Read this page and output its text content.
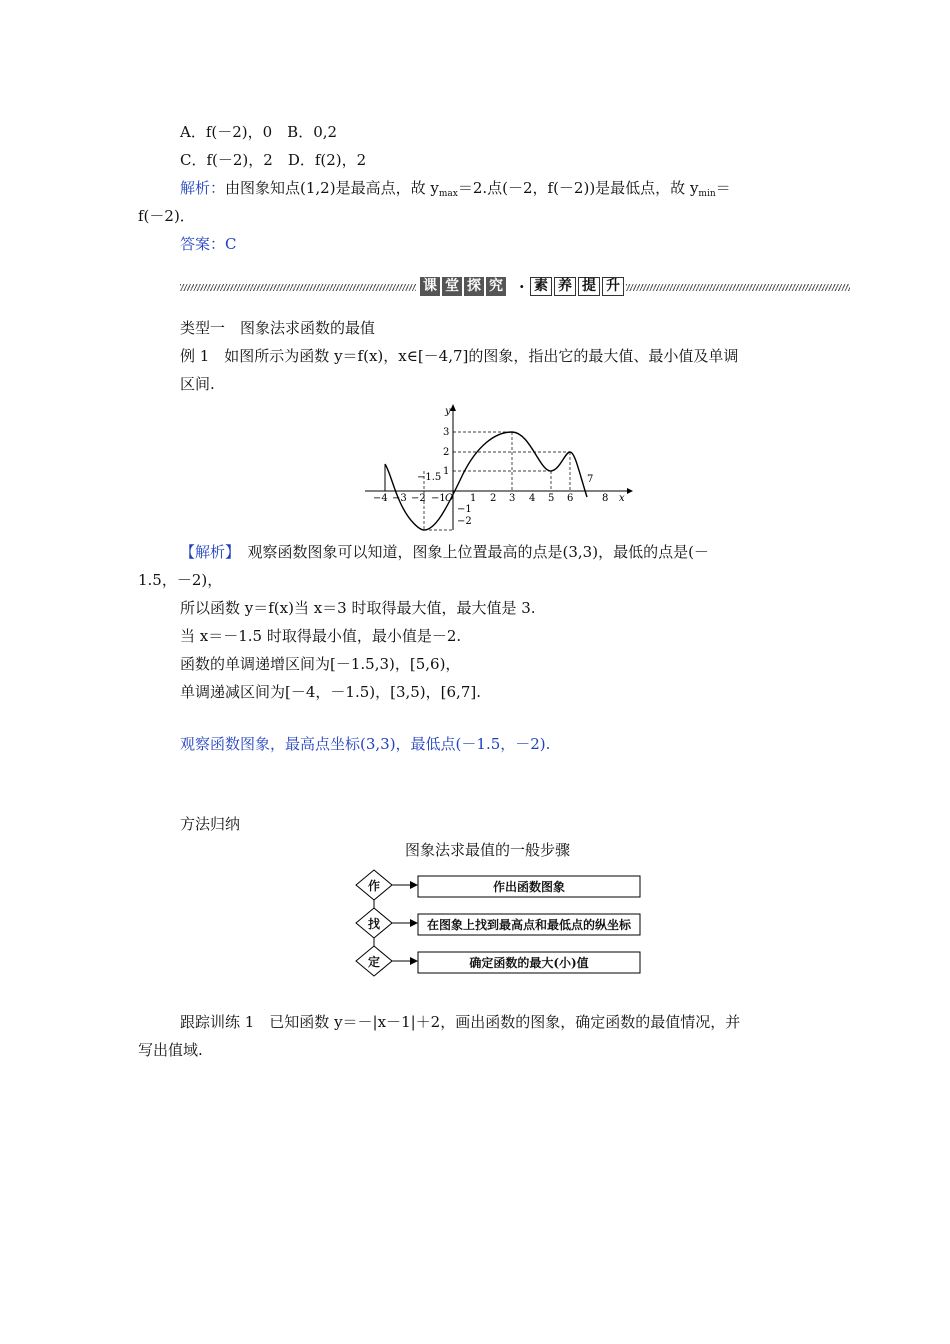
A．f(－2)，0　B．0,2
C．f(－2)，2　D．f(2)，2
解析：由图象知点(1,2)是最高点，故 $y_{max}=2$.点(－2，f(－2))是最低点，故 $y_{min}=$
f(－2)．
答案：C
课 堂 探 究 · 素 养 提 升
类型一　图象法求函数的最值
例 1　如图所示为函数 y＝f(x)，x∈[－4,7]的图象，指出它的最大值、最小值及单调
区间.
y
x
O
3
2
1
−1
−2
−4 −3 −2 −1 1 2 3 4 5 6
7
8
−1.5
【解析】　观察函数图象可以知道，图象上位置最高的点是(3,3)，最低的点是(－
1.5，－2)，
所以函数 y＝f(x)当 x＝3 时取得最大值，最大值是 3.
当 x＝－1.5 时取得最小值，最小值是－2.
函数的单调递增区间为[－1.5,3)，[5,6)，
单调递减区间为[－4，－1.5)，[3,5)，[6,7].
观察函数图象，最高点坐标(3,3)，最低点(－1.5，－2).
方法归纳
图象法求最值的一般步骤
作
找
定
作出函数图象
在图象上找到最高点和最低点的纵坐标
确定函数的最大(小)值
跟踪训练 1　已知函数 y＝－|x－1|＋2，画出函数的图象，确定函数的最值情况，并
写出值域.
